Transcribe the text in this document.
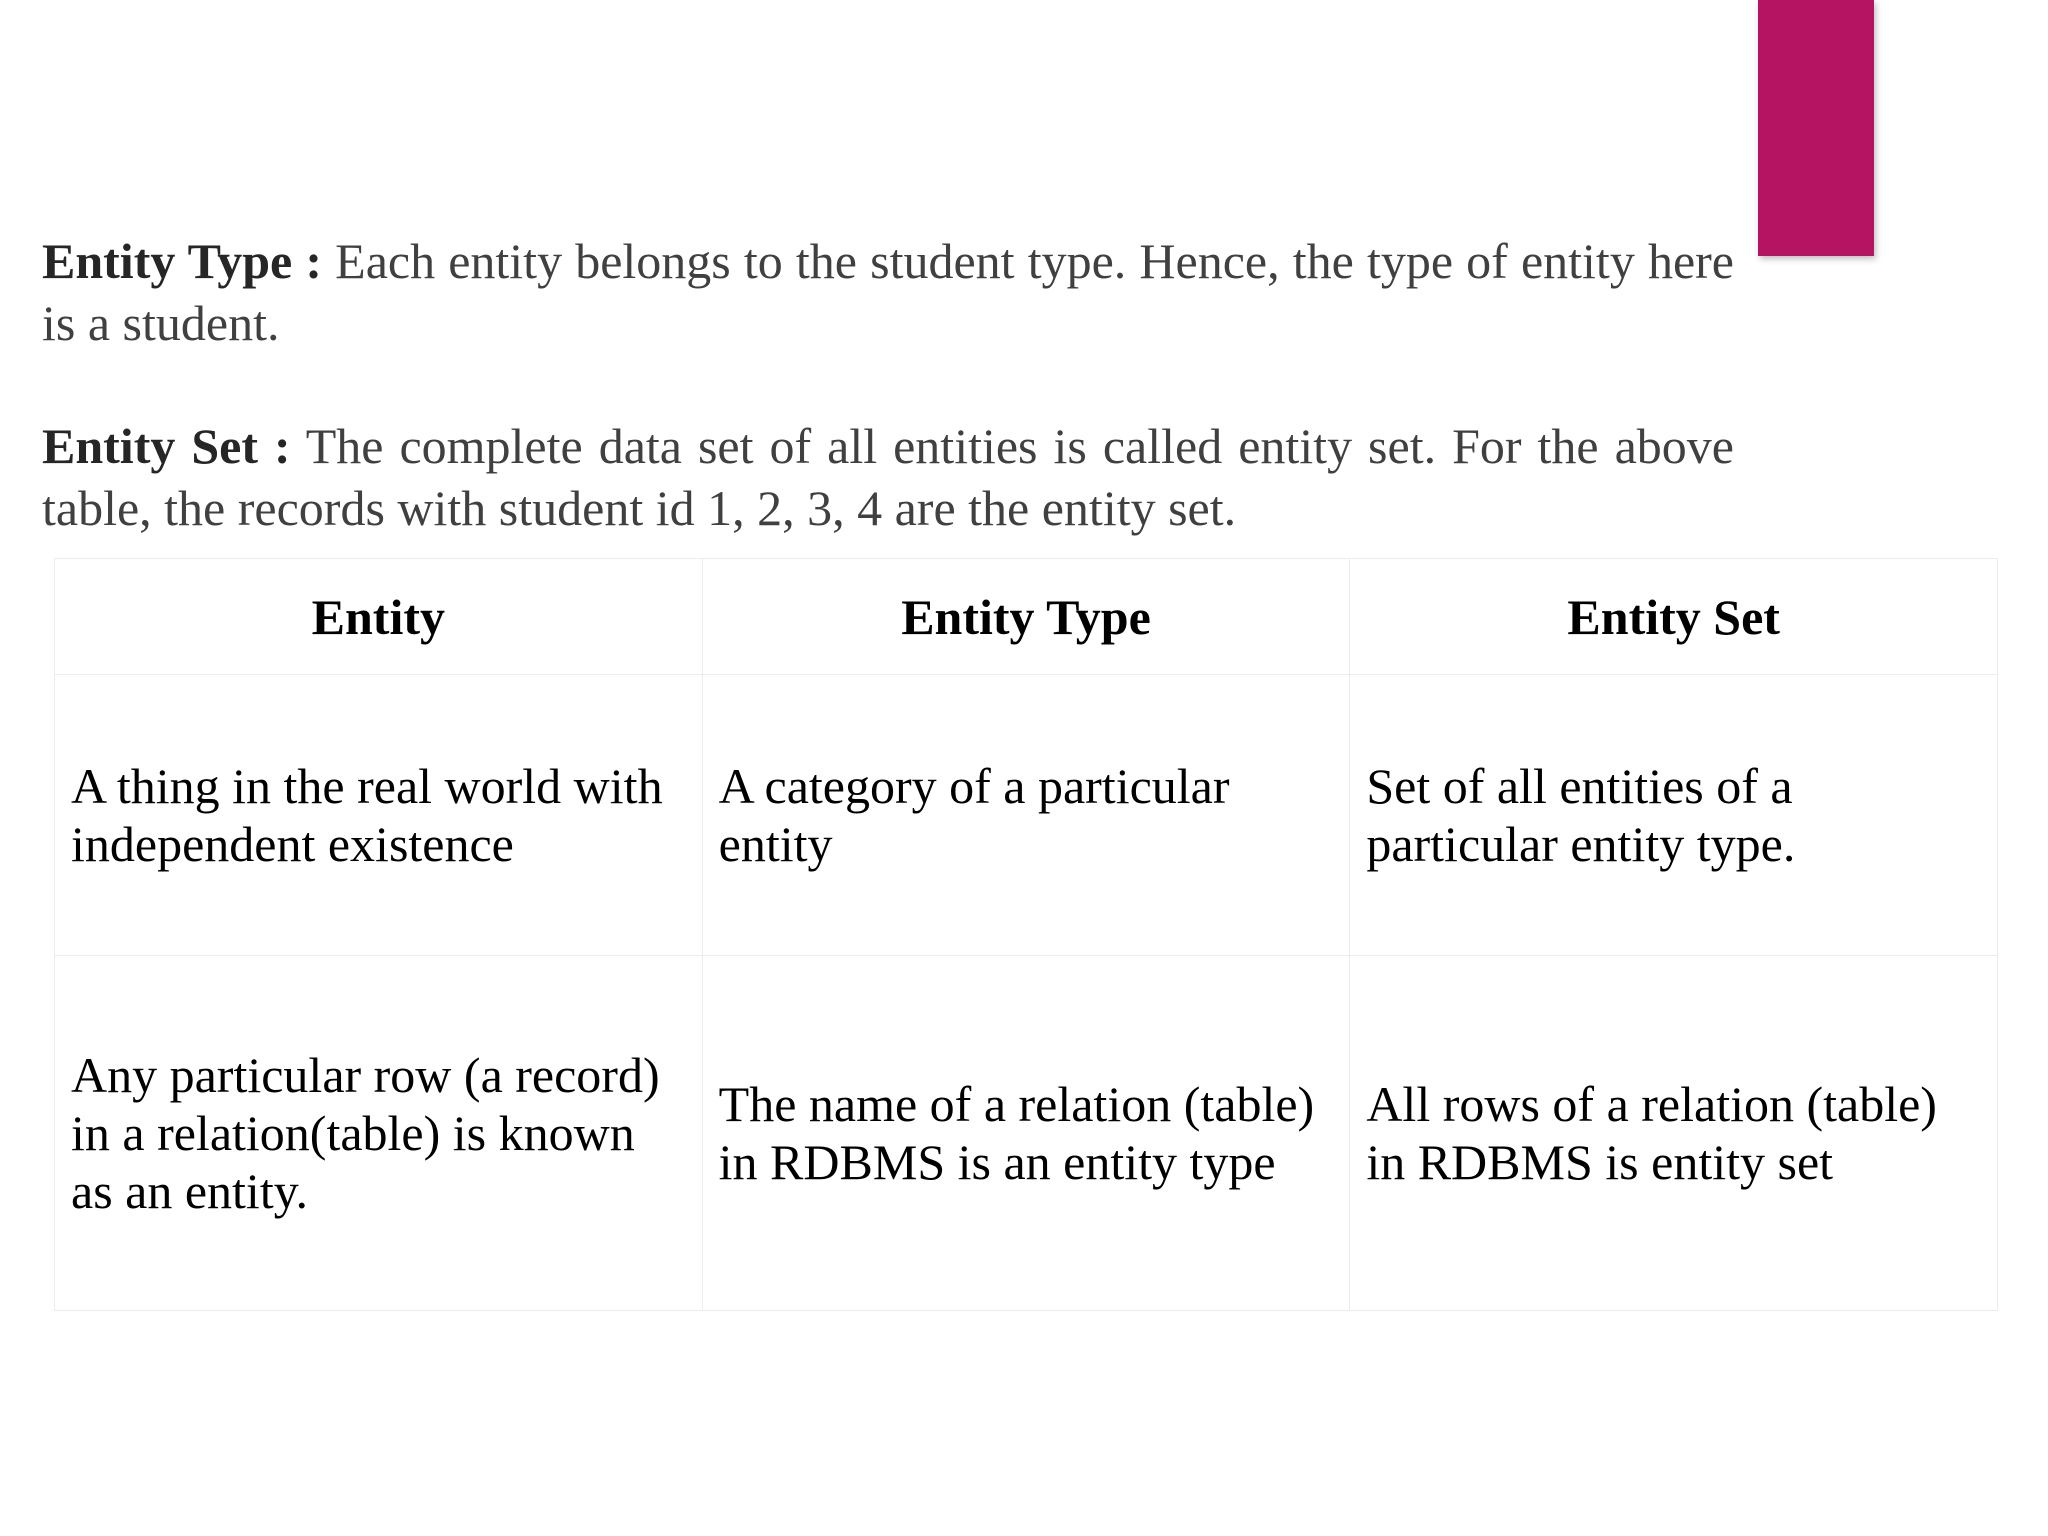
Entity Type : Each entity belongs to the student type. Hence, the type of entity here is a student.

Entity Set : The complete data set of all entities is called entity set. For the above table, the records with student id 1, 2, 3, 4 are the entity set.

Entity	Entity Type	Entity Set
A thing in the real world with independent existence	A category of a particular entity	Set of all entities of a particular entity type.
Any particular row (a record) in a relation(table) is known as an entity.	The name of a relation (table) in RDBMS is an entity type	All rows of a relation (table) in RDBMS is entity set
